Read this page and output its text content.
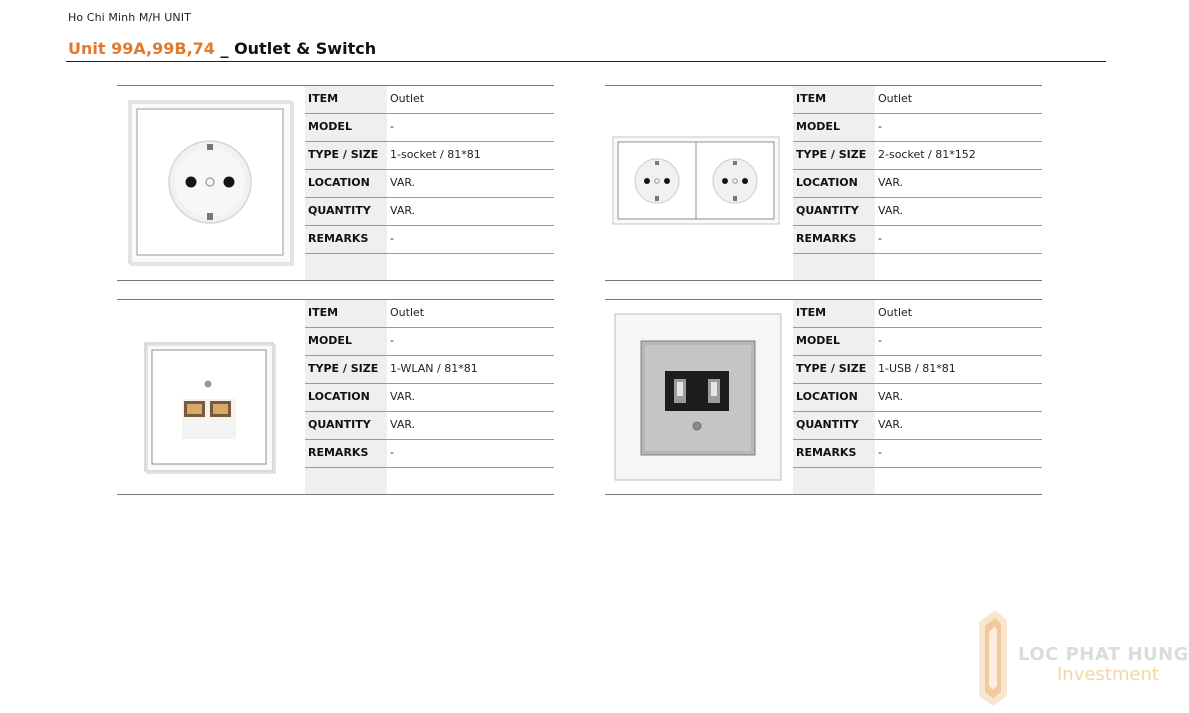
Ho Chi Minh M/H UNIT
Unit 99A,99B,74 _ Outlet & Switch
ITEM	Outlet
MODEL	-
TYPE / SIZE 1-socket / 81*81
LOCATION VAR.
QUANTITY VAR.
REMARKS -
ITEM	Outlet
MODEL	-
TYPE / SIZE 2-socket / 81*152
LOCATION VAR.
QUANTITY VAR.
REMARKS -
ITEM	Outlet
MODEL	-
TYPE / SIZE 1-WLAN / 81*81
LOCATION VAR.
QUANTITY VAR.
REMARKS -
ITEM	Outlet
MODEL	-
TYPE / SIZE 1-USB / 81*81
LOCATION VAR.
QUANTITY VAR.
REMARKS -
LOC PHAT HUNG
Investment
